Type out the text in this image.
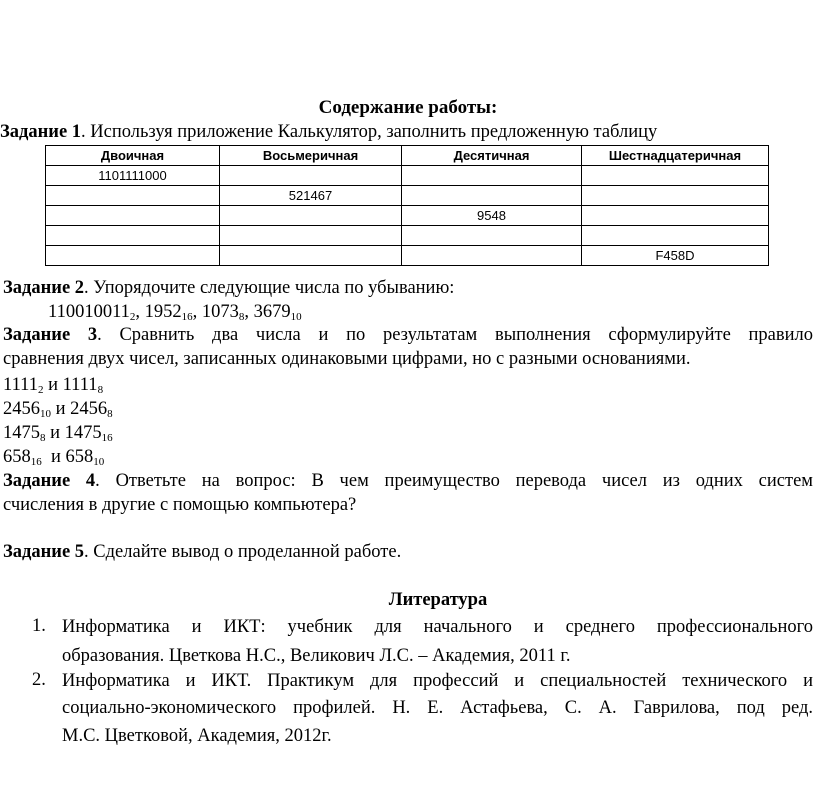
Содержание работы:
Задание 1. Используя приложение Калькулятор, заполнить предложенную таблицу
Двоичная	Восьмеричная	Десятичная	Шестнадцатеричная
1101111000			
	521467		
		9548	

			F458D
Задание 2. Упорядочите следующие числа по убыванию:
$110010011_2$, $1952_{16}$, $1073_8$, $3679_{10}$
Задание 3. Сравнить два числа и по результатам выполнения сформулируйте правило
сравнения двух чисел, записанных одинаковыми цифрами, но с разными основаниями.
$1111_2$ и $1111_8$
$2456_{10}$ и $2456_8$
$1475_8$ и $1475_{16}$
$658_{16}$  и $658_{10}$
Задание 4. Ответьте на вопрос: В чем преимущество перевода чисел из одних систем
счисления в другие с помощью компьютера?
Задание 5. Сделайте вывод о проделанной работе.
Литература
1. Информатика и ИКТ: учебник для начального и среднего профессионального
образования. Цветкова Н.С., Великович Л.С. – Академия, 2011 г.
2. Информатика и ИКТ. Практикум для профессий и специальностей технического и
социально-экономического профилей. Н. Е. Астафьева, С. А. Гаврилова, под ред.
М.С. Цветковой, Академия, 2012г.
